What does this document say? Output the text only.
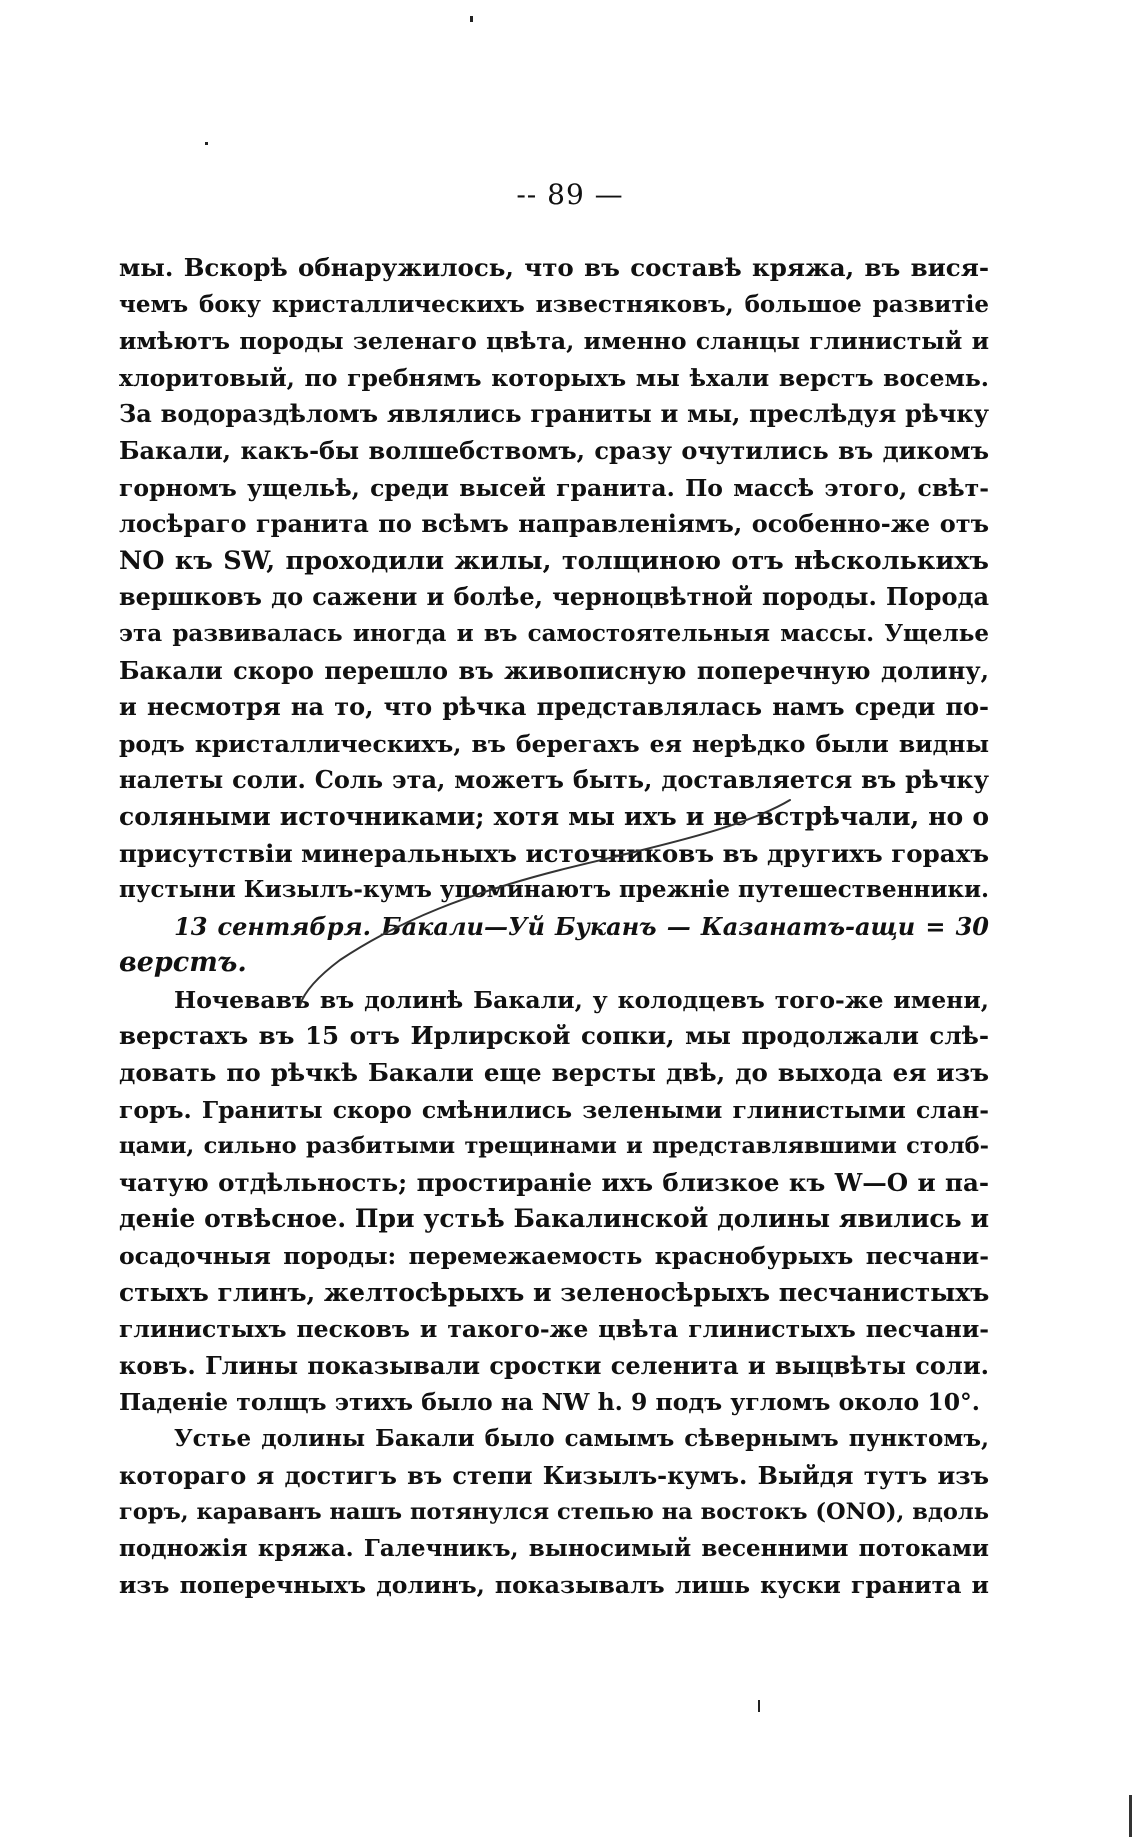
-- 89 —
мы. Вскорѣ обнаружилось, что въ составѣ кряжа, въ вися-
чемъ боку кристаллическихъ известняковъ, большое развитіе
имѣютъ породы зеленаго цвѣта, именно сланцы глинистый и
хлоритовый, по гребнямъ которыхъ мы ѣхали верстъ восемь.
За водораздѣломъ являлись граниты и мы, преслѣдуя рѣчку
Бакали, какъ-бы волшебствомъ, сразу очутились въ дикомъ
горномъ ущельѣ, среди высей гранита. По массѣ этого, свѣт-
лосѣраго гранита по всѣмъ направленіямъ, особенно-же отъ
NO къ SW, проходили жилы, толщиною отъ нѣсколькихъ
вершковъ до сажени и болѣе, черноцвѣтной породы. Порода
эта развивалась иногда и въ самостоятельныя массы. Ущелье
Бакали скоро перешло въ живописную поперечную долину,
и несмотря на то, что рѣчка представлялась намъ среди по-
родъ кристаллическихъ, въ берегахъ ея нерѣдко были видны
налеты соли. Соль эта, можетъ быть, доставляется въ рѣчку
соляными источниками; хотя мы ихъ и не встрѣчали, но о
присутствіи минеральныхъ источниковъ въ другихъ горахъ
пустыни Кизылъ-кумъ упоминаютъ прежніе путешественники.
13 сентября. Бакали—Уй Буканъ — Казанатъ-ащи = 30
верстъ.
Ночевавъ въ долинѣ Бакали, у колодцевъ того-же имени,
верстахъ въ 15 отъ Ирлирской сопки, мы продолжали слѣ-
довать по рѣчкѣ Бакали еще версты двѣ, до выхода ея изъ
горъ. Граниты скоро смѣнились зелеными глинистыми слан-
цами, сильно разбитыми трещинами и представлявшими столб-
чатую отдѣльность; простираніе ихъ близкое къ W—O и па-
деніе отвѣсное. При устьѣ Бакалинской долины явились и
осадочныя породы: перемежаемость краснобурыхъ песчани-
стыхъ глинъ, желтосѣрыхъ и зеленосѣрыхъ песчанистыхъ
глинистыхъ песковъ и такого-же цвѣта глинистыхъ песчани-
ковъ. Глины показывали сростки селенита и выцвѣты соли.
Паденіе толщъ этихъ было на NW h. 9 подъ угломъ около 10°.
Устье долины Бакали было самымъ сѣвернымъ пунктомъ,
котораго я достигъ въ степи Кизылъ-кумъ. Выйдя тутъ изъ
горъ, караванъ нашъ потянулся степью на востокъ (ONO), вдоль
подножія кряжа. Галечникъ, выносимый весенними потоками
изъ поперечныхъ долинъ, показывалъ лишь куски гранита и
